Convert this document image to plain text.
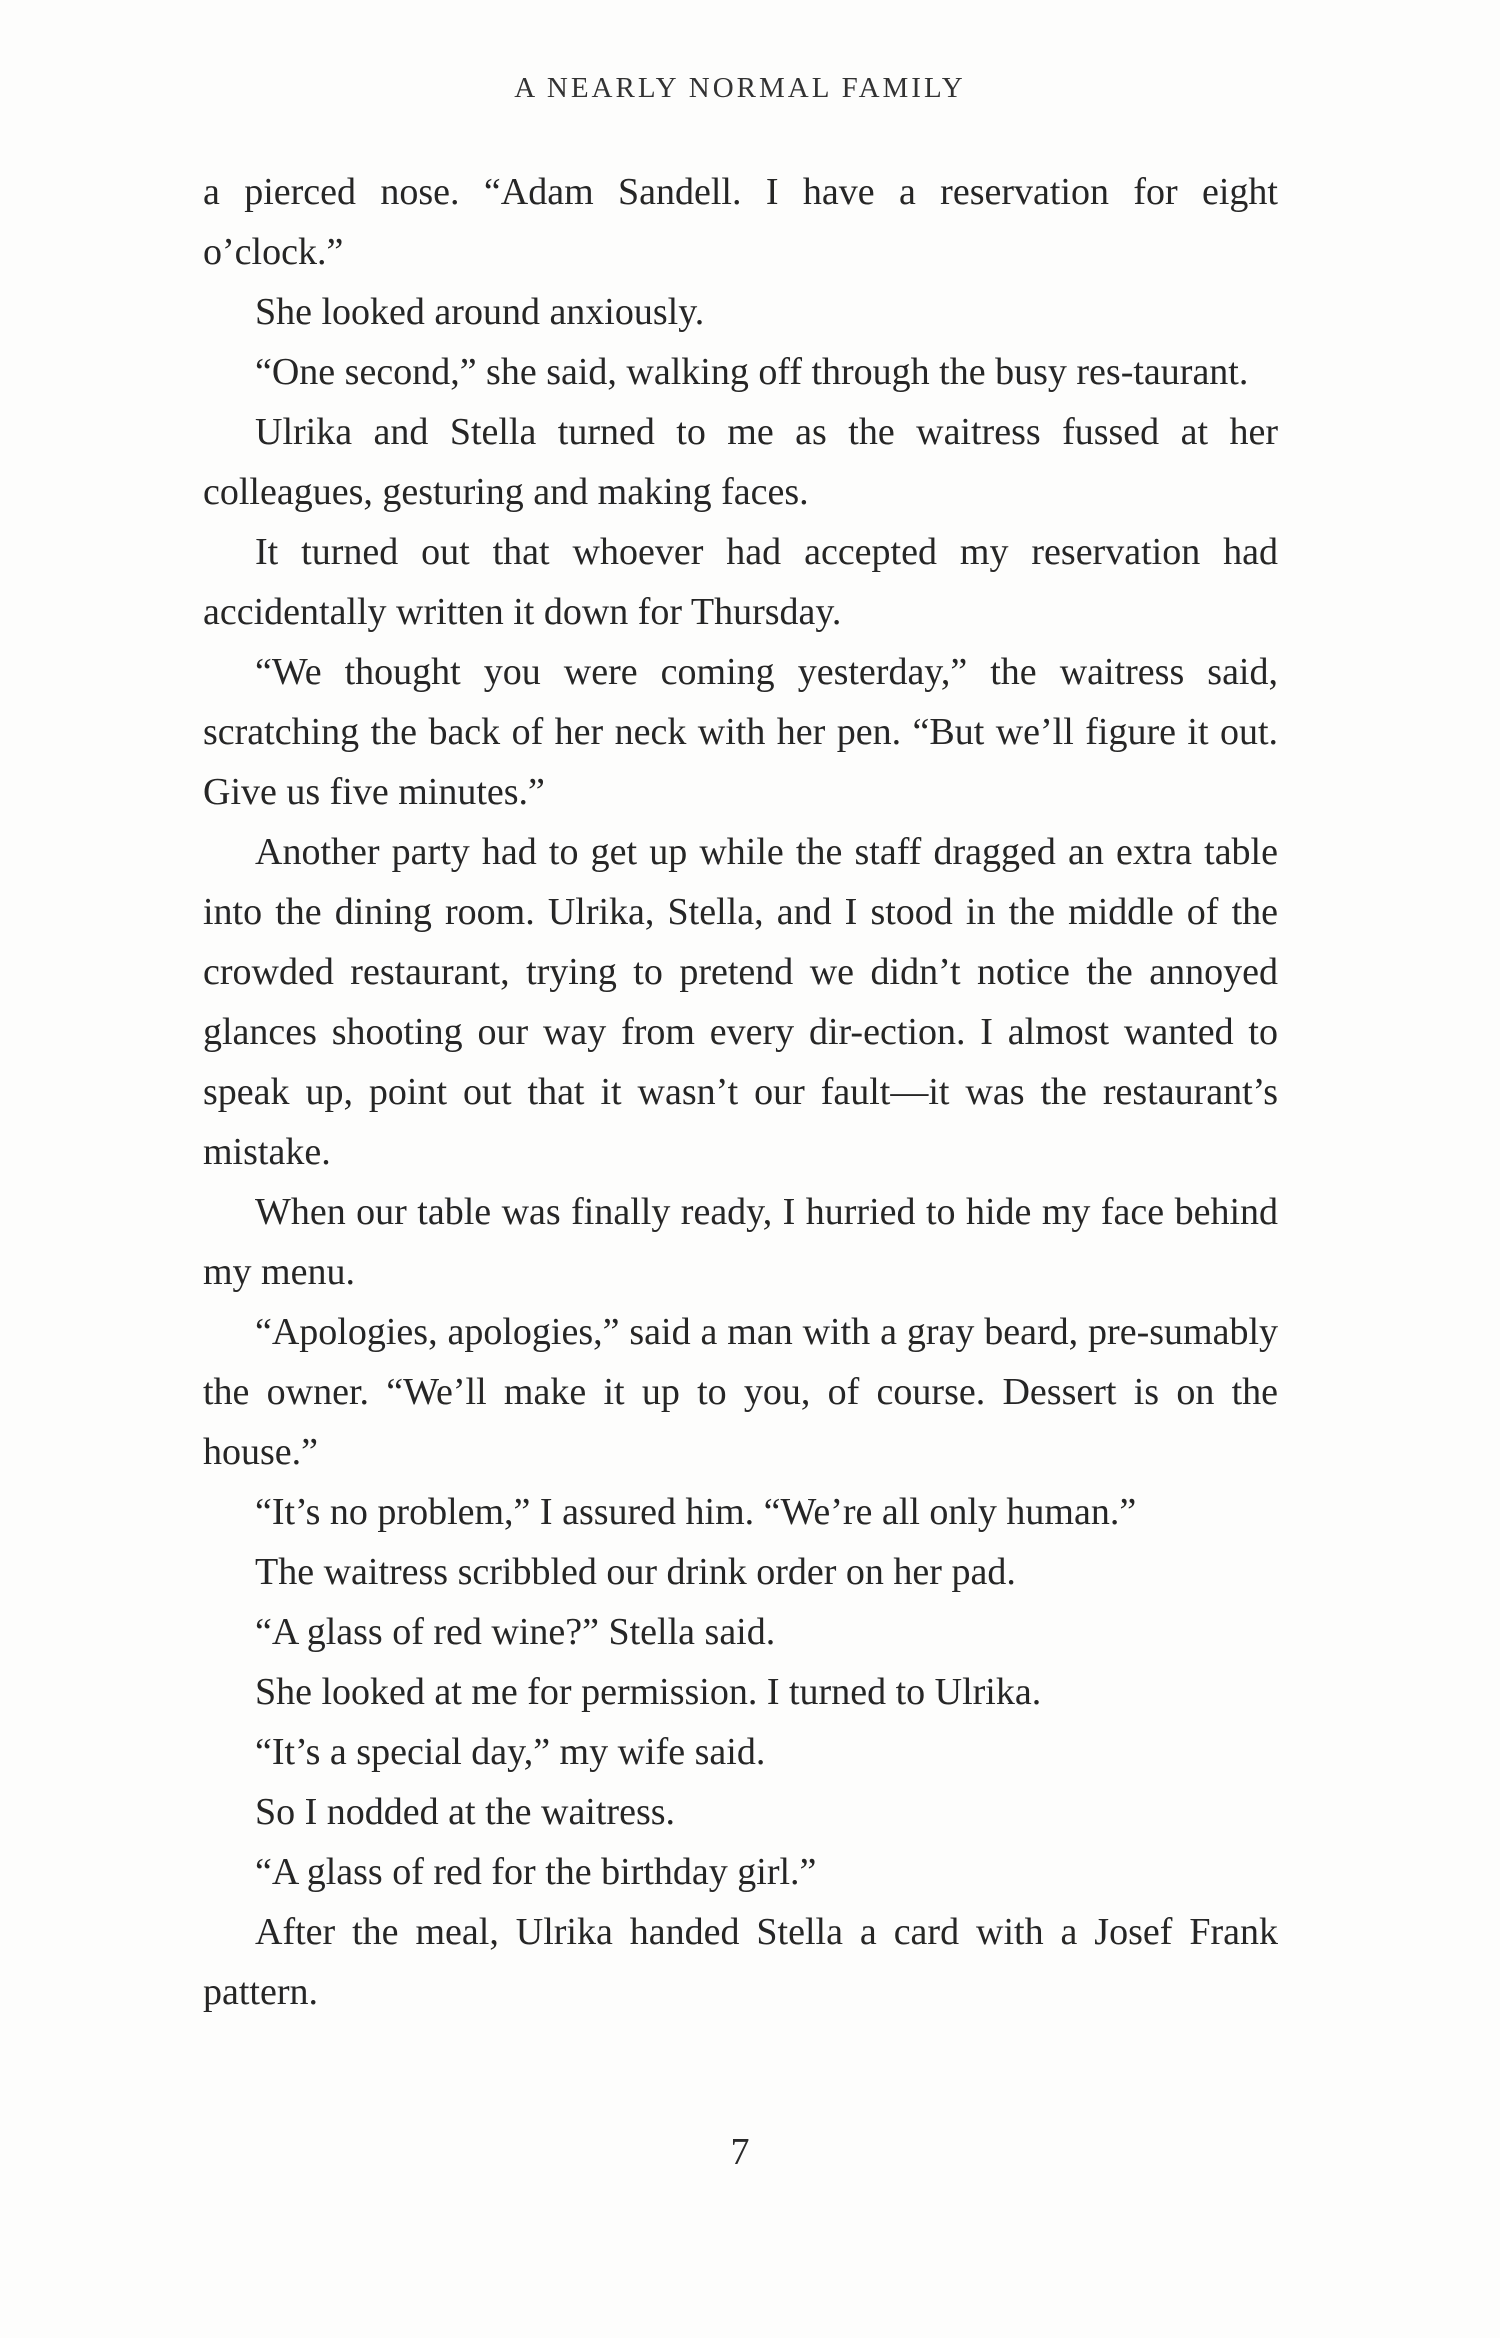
A NEARLY NORMAL FAMILY

a pierced nose. “Adam Sandell. I have a reservation for eight o’clock.”

She looked around anxiously.

“One second,” she said, walking off through the busy res-taurant.

Ulrika and Stella turned to me as the waitress fussed at her colleagues, gesturing and making faces.

It turned out that whoever had accepted my reservation had accidentally written it down for Thursday.

“We thought you were coming yesterday,” the waitress said, scratching the back of her neck with her pen. “But we’ll figure it out. Give us five minutes.”

Another party had to get up while the staff dragged an extra table into the dining room. Ulrika, Stella, and I stood in the middle of the crowded restaurant, trying to pretend we didn’t notice the annoyed glances shooting our way from every dir-ection. I almost wanted to speak up, point out that it wasn’t our fault—it was the restaurant’s mistake.

When our table was finally ready, I hurried to hide my face behind my menu.

“Apologies, apologies,” said a man with a gray beard, pre-sumably the owner. “We’ll make it up to you, of course. Dessert is on the house.”

“It’s no problem,” I assured him. “We’re all only human.”

The waitress scribbled our drink order on her pad.

“A glass of red wine?” Stella said.

She looked at me for permission. I turned to Ulrika.

“It’s a special day,” my wife said.

So I nodded at the waitress.

“A glass of red for the birthday girl.”

After the meal, Ulrika handed Stella a card with a Josef Frank pattern.

7
